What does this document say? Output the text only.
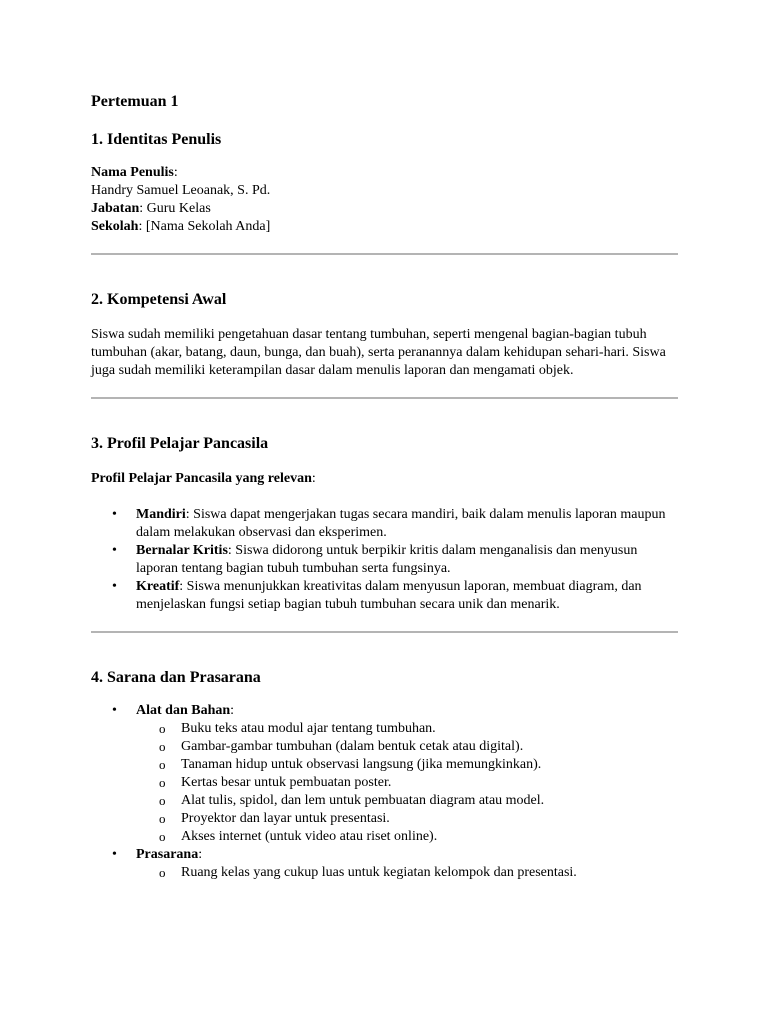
Pertemuan 1
1. Identitas Penulis

Nama Penulis:

Handry Samuel Leoanak, S. Pd.

Jabatan: Guru Kelas

Sekolah: [Nama Sekolah Anda]

2. Kompetensi Awal

Siswa sudah memiliki pengetahuan dasar tentang tumbuhan, seperti mengenal bagian-bagian tubuh tumbuhan (akar, batang, daun, bunga, dan buah), serta peranannya dalam kehidupan sehari-hari. Siswa juga sudah memiliki keterampilan dasar dalam menulis laporan dan mengamati objek.

3. Profil Pelajar Pancasila

Profil Pelajar Pancasila yang relevan:

• Mandiri: Siswa dapat mengerjakan tugas secara mandiri, baik dalam menulis laporan maupun dalam melakukan observasi dan eksperimen.
• Bernalar Kritis: Siswa didorong untuk berpikir kritis dalam menganalisis dan menyusun laporan tentang bagian tubuh tumbuhan serta fungsinya.
• Kreatif: Siswa menunjukkan kreativitas dalam menyusun laporan, membuat diagram, dan menjelaskan fungsi setiap bagian tubuh tumbuhan secara unik dan menarik.
4. Sarana dan Prasarana
• Alat dan Bahan:
o Buku teks atau modul ajar tentang tumbuhan.
o Gambar-gambar tumbuhan (dalam bentuk cetak atau digital).
o Tanaman hidup untuk observasi langsung (jika memungkinkan).
o Kertas besar untuk pembuatan poster.
o Alat tulis, spidol, dan lem untuk pembuatan diagram atau model.
o Proyektor dan layar untuk presentasi.
o Akses internet (untuk video atau riset online).
• Prasarana:
o Ruang kelas yang cukup luas untuk kegiatan kelompok dan presentasi.
